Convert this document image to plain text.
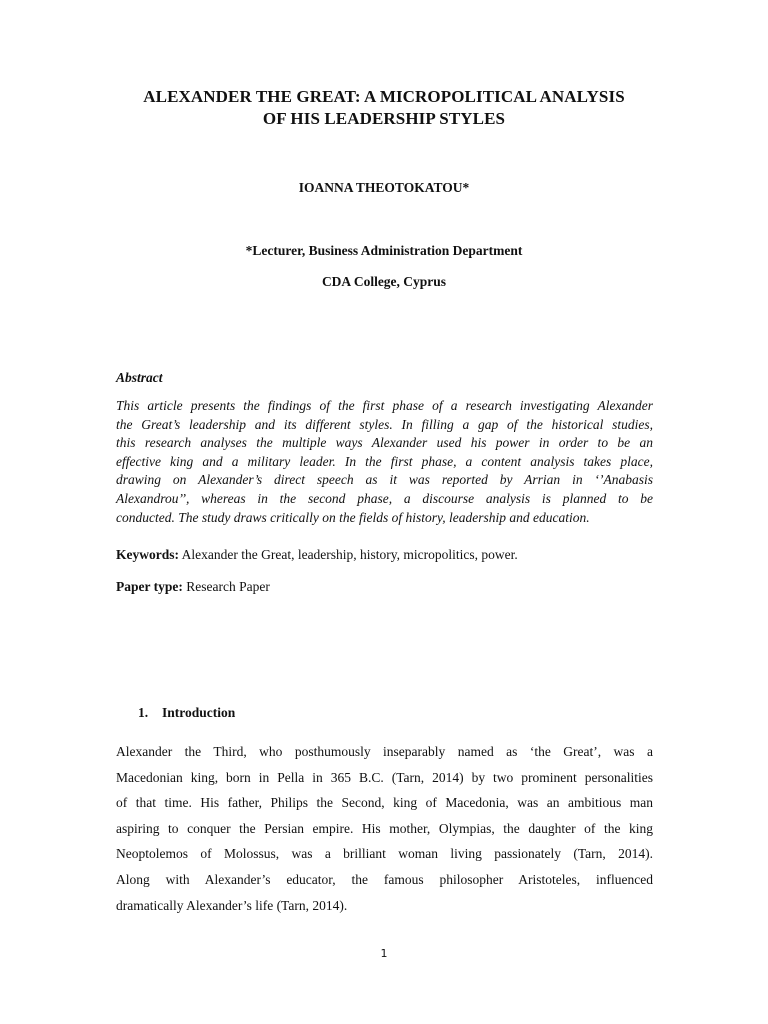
ALEXANDER THE GREAT: A MICROPOLITICAL ANALYSIS
OF HIS LEADERSHIP STYLES
IOANNA THEOTOKATOU*
*Lecturer, Business Administration Department
CDA College, Cyprus
Abstract
This article presents the findings of the first phase of a research investigating Alexander
the Great’s leadership and its different styles. In filling a gap of the historical studies,
this research analyses the multiple ways Alexander used his power in order to be an
effective king and a military leader. In the first phase, a content analysis takes place,
drawing on Alexander’s direct speech as it was reported by Arrian in ‘’Anabasis
Alexandrou’’, whereas in the second phase, a discourse analysis is planned to be
conducted. The study draws critically on the fields of history, leadership and education.
Keywords: Alexander the Great, leadership, history, micropolitics, power.
Paper type: Research Paper
1. Introduction
Alexander the Third, who posthumously inseparably named as ‘the Great’, was a
Macedonian king, born in Pella in 365 B.C. (Tarn, 2014) by two prominent personalities
of that time. His father, Philips the Second, king of Macedonia, was an ambitious man
aspiring to conquer the Persian empire. His mother, Olympias, the daughter of the king
Neoptolemos of Molossus, was a brilliant woman living passionately (Tarn, 2014).
Along with Alexander’s educator, the famous philosopher Aristoteles, influenced
dramatically Alexander’s life (Tarn, 2014).
1
